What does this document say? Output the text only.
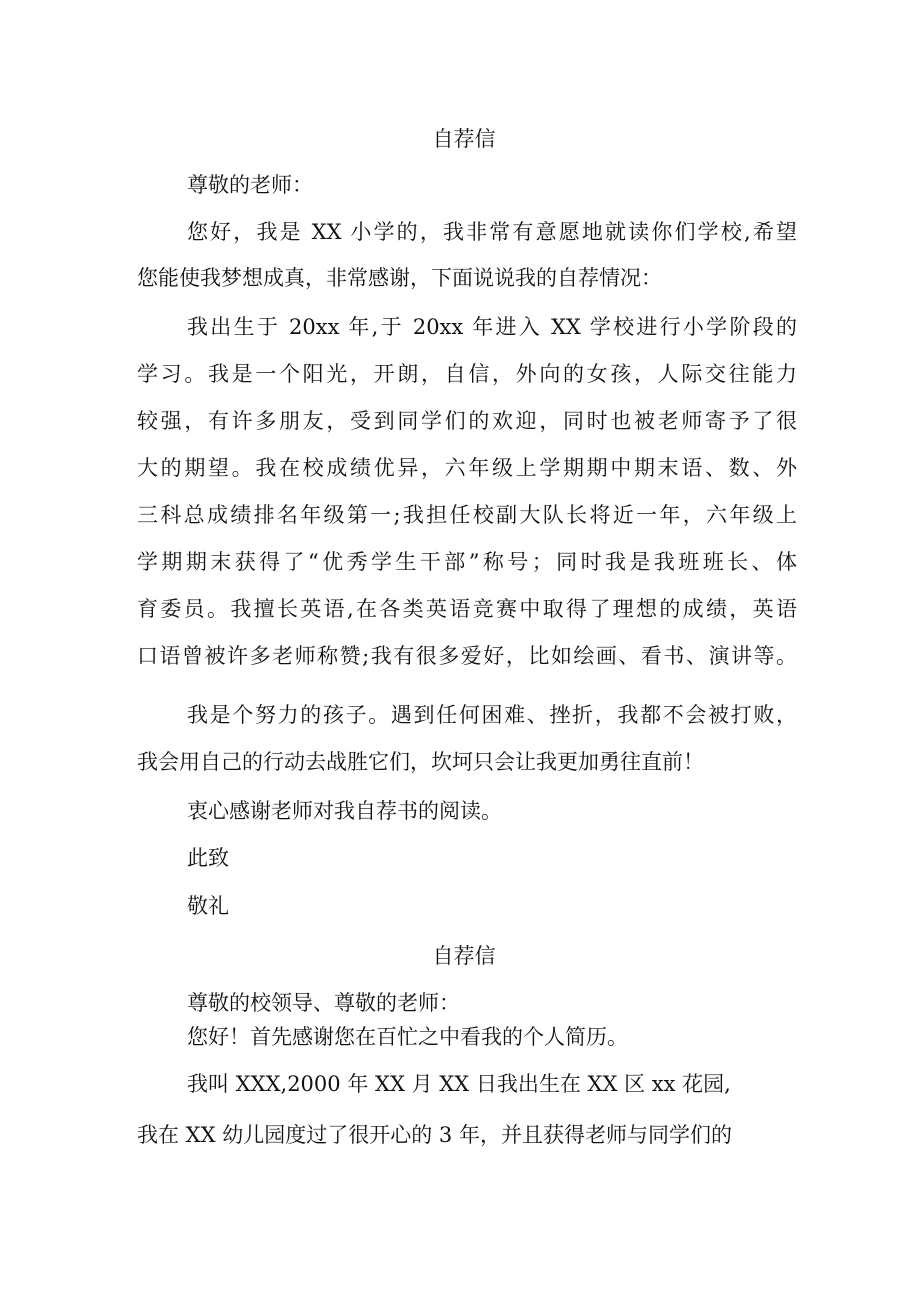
自荐信

尊敬的老师：

您好，我是 XX 小学的，我非常有意愿地就读你们学校,希望

您能使我梦想成真，非常感谢，下面说说我的自荐情况：

我出生于 20xx 年,于 20xx 年进入 XX 学校进行小学阶段的

学习。我是一个阳光，开朗，自信，外向的女孩，人际交往能力

较强，有许多朋友，受到同学们的欢迎，同时也被老师寄予了很

大的期望。我在校成绩优异，六年级上学期期中期末语、数、外

三科总成绩排名年级第一;我担任校副大队长将近一年，六年级上

学期期末获得了“优秀学生干部”称号；同时我是我班班长、体

育委员。我擅长英语,在各类英语竞赛中取得了理想的成绩，英语

口语曾被许多老师称赞;我有很多爱好，比如绘画、看书、演讲等。

我是个努力的孩子。遇到任何困难、挫折，我都不会被打败，

我会用自己的行动去战胜它们，坎坷只会让我更加勇往直前！

衷心感谢老师对我自荐书的阅读。

此致

敬礼

自荐信

尊敬的校领导、尊敬的老师：

您好！首先感谢您在百忙之中看我的个人简历。

我叫 XXX,2000 年 XX 月 XX 日我出生在 XX 区 xx 花园,

我在 XX 幼儿园度过了很开心的 3 年，并且获得老师与同学们的
